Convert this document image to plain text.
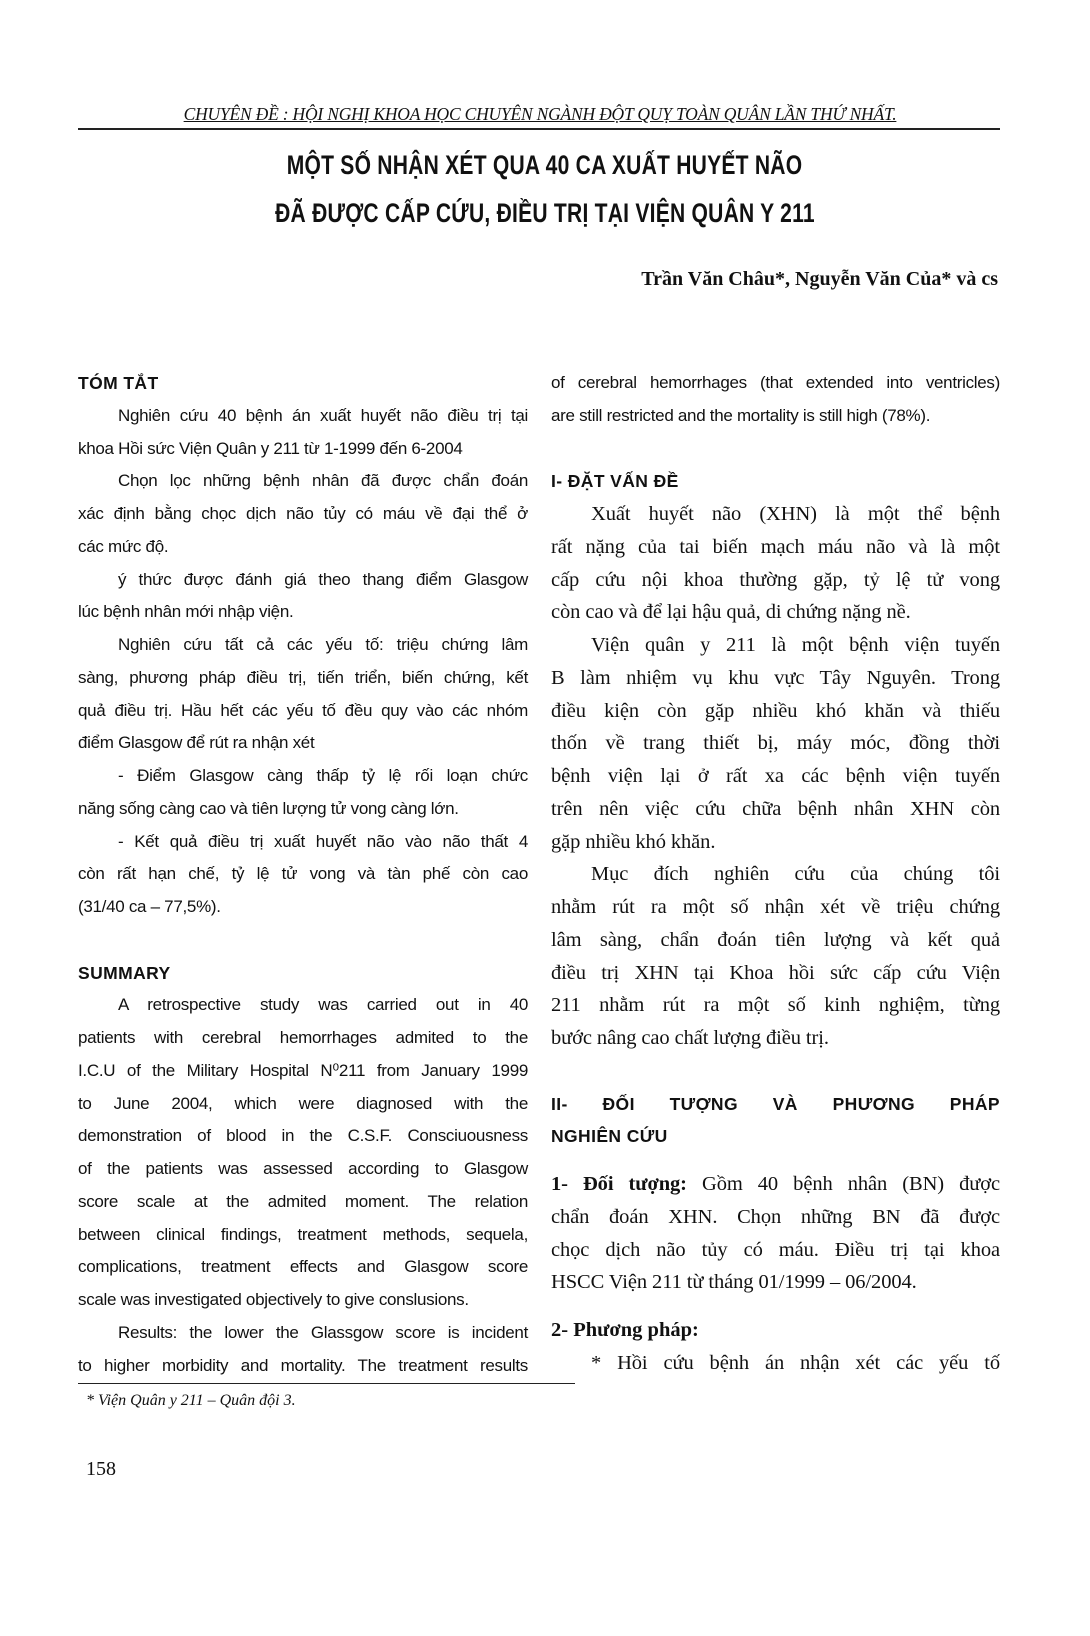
CHUYÊN ĐỀ : HỘI NGHỊ KHOA HỌC CHUYÊN NGÀNH ĐỘT QUỴ TOÀN QUÂN LẦN THỨ NHẤT.
MỘT SỐ NHẬN XÉT QUA 40 CA XUẤT HUYẾT NÃO
ĐÃ ĐƯỢC CẤP CỨU, ĐIỀU TRỊ TẠI VIỆN QUÂN Y 211
Trần Văn Châu*, Nguyễn Văn Của* và cs
TÓM TẮT
Nghiên cứu 40 bệnh án xuất huyết não điều trị tại
khoa Hồi sức Viện Quân y 211 từ 1-1999 đến 6-2004
Chọn lọc những bệnh nhân đã được chẩn đoán
xác định bằng chọc dịch não tủy có máu về đại thể ở
các mức độ.
ý thức được đánh giá theo thang điểm Glasgow
lúc bệnh nhân mới nhập viện.
Nghiên cứu tất cả các yếu tố: triệu chứng lâm
sàng, phương pháp điều trị, tiến triển, biến chứng, kết
quả điều trị. Hầu hết các yếu tố đều quy vào các nhóm
điểm Glasgow để rút ra nhận xét
- Điểm Glasgow càng thấp tỷ lệ rối loạn chức
năng sống càng cao và tiên lượng tử vong càng lớn.
- Kết quả điều trị xuất huyết não vào não thất 4
còn rất hạn chế, tỷ lệ tử vong và tàn phế còn cao
(31/40 ca – 77,5%).
SUMMARY
A retrospective study was carried out in 40
patients with cerebral hemorrhages admited to the
I.C.U of the Military Hospital N⁰211 from January 1999
to June 2004, which were diagnosed with the
demonstration of blood in the C.S.F. Consciuousness
of the patients was assessed according to Glasgow
score scale at the admited moment. The relation
between clinical findings, treatment methods, sequela,
complications, treatment effects and Glasgow score
scale was investigated objectively to give conslusions.
Results: the lower the Glassgow score is incident
to higher morbidity and mortality. The treatment results
of cerebral hemorrhages (that extended into ventricles)
are still restricted and the mortality is still high (78%).
I- ĐẶT VẤN ĐỀ
Xuất huyết não (XHN) là một thể bệnh
rất nặng của tai biến mạch máu não và là một
cấp cứu nội khoa thường gặp, tỷ lệ tử vong
còn cao và để lại hậu quả, di chứng nặng nề.
Viện quân y 211 là một bệnh viện tuyến
B làm nhiệm vụ khu vực Tây Nguyên. Trong
điều kiện còn gặp nhiều khó khăn và thiếu
thốn về trang thiết bị, máy móc, đồng thời
bệnh viện lại ở rất xa các bệnh viện tuyến
trên nên việc cứu chữa bệnh nhân XHN còn
gặp nhiều khó khăn.
Mục đích nghiên cứu của chúng tôi
nhằm rút ra một số nhận xét về triệu chứng
lâm sàng, chẩn đoán tiên lượng và kết quả
điều trị XHN tại Khoa hồi sức cấp cứu Viện
211 nhằm rút ra một số kinh nghiệm, từng
bước nâng cao chất lượng điều trị.
II- ĐỐI TƯỢNG VÀ PHƯƠNG PHÁP
NGHIÊN CỨU
1- Đối tượng: Gồm 40 bệnh nhân (BN) được
chẩn đoán XHN. Chọn những BN đã được
chọc dịch não tủy có máu. Điều trị tại khoa
HSCC Viện 211 từ tháng 01/1999 – 06/2004.
2- Phương pháp:
* Hồi cứu bệnh án nhận xét các yếu tố
* Viện Quân y 211 – Quân đội 3.
158
